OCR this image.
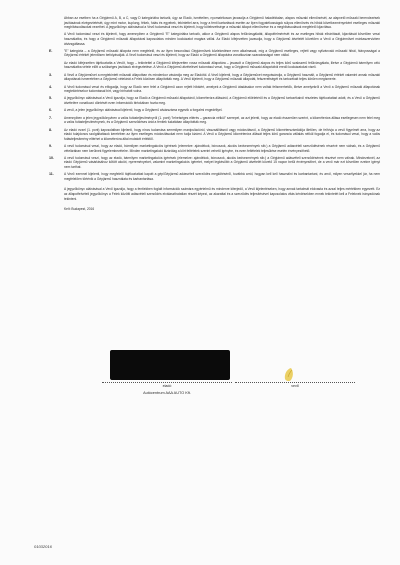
Abban az esetben ha a Gépjármű A, B, a C, vagy D kategóriába tartozik, úgy az Eladó, ismételten, nyomatékosan javasolja a Gépjármű haladéktalan, alapos műszaki ellenőrzését, az alapvető műszaki berendezések javításának elvégeztetését, úgy mint motor, kuplung, fékek, futás és egyebek, tekintettel arra, hogy a fenti kartartások esetén az ilyen fogyatékosságok súlyos ellenőrzés és hibák következményeként esetleges műszaki meghibásodásokat vezethet. A jegyzőkönyv aláírásával a Vevő tudomásul veszi és kijelenti, hogy kötelezettsége a műszaki állapot ellenőrzése és a meghibásodások megfelelő kijavítása.

A Vevő tudomásul veszi és kijelenti, hogy amennyiben a Gépjármű "E" kategóriába tartozik, akkor a Gépjármű alapos felülvizsgálatát, állapotfelmérését és az esetleges hibák elhárítását, kijavítását követően veszi használatba, és hogy a Gépjármű műszaki állapotával kapcsolatos minden kockázatot magára vállal. Az Eladó kifejezetten javasolja, hogy a Gépjármű átvételét követően a Vevő a Gépjárművet márkaszervizben átvizsgáltassa.

E.	"E" kategória – a Gépjármű műszaki állapota nem megfelelő, és az ilyen besorolású Gépjárművek közlekedésre nem alkalmasak, míg a Gépjármű esetleges, rejtett vagy nyilvánvaló műszaki hibái, hiányosságai a Gépjármű értékét jelentősen befolyásolják. A Vevő tudomásul veszi és kijelenti, hogy az Eladó a Gépjármű állapotára vonatkozóan szavatosságot nem vállal.

Az eladó kifejezetten tájékoztatta a Vevőt, hogy – tekintettel a Gépjármű kifejezetten rossz műszaki állapotára – javasolt a Gépjármű alapos és teljes körű szakszerű felülvizsgálata, illetve a Gépjármű bármilyen célú használatba vétele előtt a szükséges javítások elvégeztetése. A Vevő a Gépjármű átvételével tudomásul veszi, hogy a Gépjármű műszaki állapotából eredő kockázatokat viseli.

3.	A Vevő a Gépjárművet a megtekintett műszaki állapotban és mindenkor vásárolja meg az Eladótól. A Vevő kijelenti, hogy a Gépjárművet megvásárolja, a Gépjármű használt, a Gépjármű értékét valamint annak műszaki állapotának ismeretében a Gépjármű vételárát a Felek közösen állapították meg. A Vevő kijelenti, hogy a Gépjármű műszaki állapotát, felszereltségét és tartozékait teljes körűen megismerte.

4.	A Vevő tudomásul veszi és elfogadja, hogy az Eladó nem felel a Gépjármű azon rejtett hibáiért, amelyek a Gépjármű átadásakor nem voltak felismerhetők, illetve amelyekről a Vevő a Gépjármű műszaki állapotának megtekintésekor tudomással bírt, vagy bírhatott volna.

5.	A jegyzőkönyv aláírásával a Vevő igazolja, hogy az Eladó a Gépjármű műszaki állapotáról, kilométeróra állásáról, a Gépjármű előéletéről és a Gépjármű tartozékairól részletes tájékoztatást adott, és a Vevő a Gépjármű átvételére vonatkozó döntését ezen információk birtokában hozta meg.

6.	A vevő, a jelen jegyzőkönyv aláírásával kijelenti, hogy a Gépjármű alvázszáma egyezik a forgalmi engedéllyel.

7.	Amennyiben a jelen jegyzőkönyvben a valós futásteljesítményről (1. pont) "lehetséges eltérés – garancia nélkül" szerepel, az azt jelenti, hogy az eladó ésszerűen szerint, a kilométeróra állása esetlegesen nem felel meg a valós futásteljesítménynek, és a Gépjármű szerződéses árát a fentiek tudatában állapították meg.

8.	Az eladó ezzel (1. pont) kapcsolatban kijelenti, hogy nincs tudomása semmilyen manipulációról, visszaállításról vagy módosításról, a Gépjármű kilométerszámlálója illetően, de felhívja a vevő figyelmét arra, hogy az eladó tulajdonos szolgáltatások keretében az ilyen esetleges módosításokat nem tudja kizárni. A Vevő a Gépjármű kilométeróra állását teljes körű garancia vállalás nélkül fogadja el, és tudomásul veszi, hogy a valós futásteljesítmény eltérhet a kilométeróra által mutatott értéktől.

9.	A vevő tudomásul veszi, hogy az eladó, bármilyen marketingakciós ígérések (elemekre: ajándékok, bónuszok, akciós kedvezmények stb.) a Gépjármű adásvételi szerződésének részévé nem válnak, és a Gépjármű vételárában nem kerülnek figyelembevételre. Minden marketingakció kizárólag a kiírt feltételek szerint vehető igénybe, és ezen feltételek teljesülése esetén érvényesíthető.

10.	A vevő tudomásul veszi, hogy az eladó, bármilyen marketingakciós ígérések (elemekre: ajándékok, bónuszok, akciós kedvezmények stb.) a Gépjármű adásvételi szerződésének részévé nem válnak. Mindezeknél, az eladó Gépjármű vásárlásához kötött akciót, nyereményeket, valamint marketingakciós ígéretet, melyet legkésőbb a Gépjármű átvételét követő 15 napon belül érvényesíthet, de a vevő már ezt követően ezekre igényt nem tarthat.

11.	A Vevő ezennel kijelenti, hogy megfelelő tájékoztatást kapott a gép/Gépjármű adásvételi szerződés megkötéséről, továbbá arról, hogyan kell kell használni és karbantartani, és arról, milyen veszélyekkel jár, ha nem megfelelően történik a Gépjármű használata és karbantartása.

A jegyzőkönyv aláírásával a Vevő igazolja, hogy a fentiekben foglalt információk számára egyértelmű és mindenre kiterjedő, a Vevő kijelentéseken, hogy annak tartalmát elolvasta és azzal teljes mértékben egyezett. Ez az állapotfelvételi jegyzőkönyv a Felek közötti adásvételi szerződés elválaszthatatlan részét képezi, az akarattal és a szerződés teljesítésével kapcsolatos vitás kérdésekben ennek tekintetét kell a Feleknek irányadónak tekinteni.

Kelt: Budapest, 2016

eladó
Autócentrum AAA AUTO Kft.
vevő
01032016
